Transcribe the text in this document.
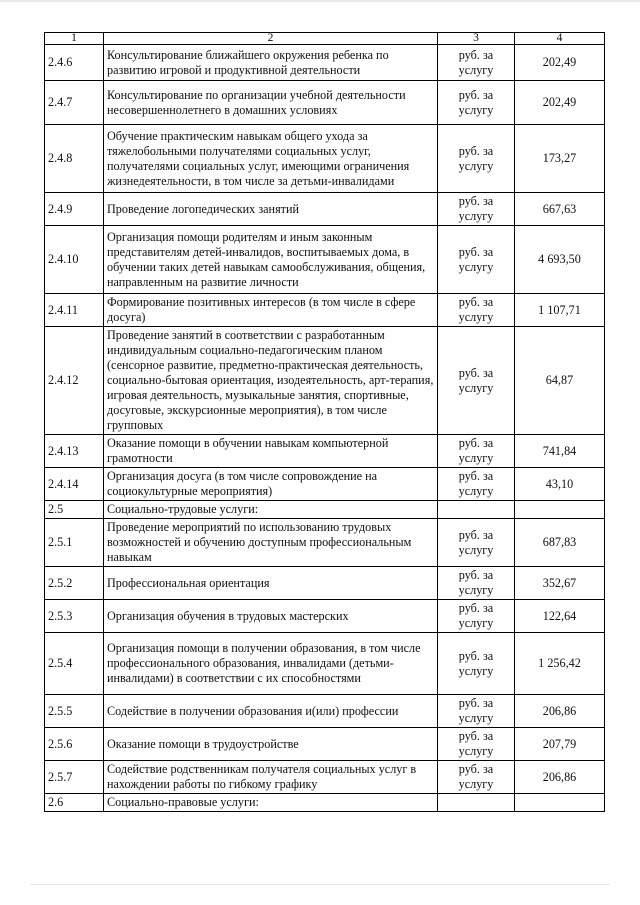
1	2	3	4
2.4.6	Консультирование ближайшего окружения ребенка по развитию игровой и продуктивной деятельности	руб. за услугу	202,49
2.4.7	Консультирование по организации учебной деятельности несовершеннолетнего в домашних условиях	руб. за услугу	202,49
2.4.8	Обучение практическим навыкам общего ухода за тяжелобольными получателями социальных услуг, получателями социальных услуг, имеющими ограничения жизнедеятельности, в том числе за детьми-инвалидами	руб. за услугу	173,27
2.4.9	Проведение логопедических занятий	руб. за услугу	667,63
2.4.10	Организация помощи родителям и иным законным представителям детей-инвалидов, воспитываемых дома, в обучении таких детей навыкам самообслуживания, общения, направленным на развитие личности	руб. за услугу	4 693,50
2.4.11	Формирование позитивных интересов (в том числе в сфере досуга)	руб. за услугу	1 107,71
2.4.12	Проведение занятий в соответствии с разработанным индивидуальным социально-педагогическим планом (сенсорное развитие, предметно-практическая деятельность, социально-бытовая ориентация, изодеятельность, арт-терапия, игровая деятельность, музыкальные занятия, спортивные, досуговые, экскурсионные мероприятия), в том числе групповых	руб. за услугу	64,87
2.4.13	Оказание помощи в обучении навыкам компьютерной грамотности	руб. за услугу	741,84
2.4.14	Организация досуга (в том числе сопровождение на социокультурные мероприятия)	руб. за услугу	43,10
2.5	Социально-трудовые услуги:		
2.5.1	Проведение мероприятий по использованию трудовых возможностей и обучению доступным профессиональным навыкам	руб. за услугу	687,83
2.5.2	Профессиональная ориентация	руб. за услугу	352,67
2.5.3	Организация обучения в трудовых мастерских	руб. за услугу	122,64
2.5.4	Организация помощи в получении образования, в том числе профессионального образования, инвалидами (детьми-инвалидами) в соответствии с их способностями	руб. за услугу	1 256,42
2.5.5	Содействие в получении образования и(или) профессии	руб. за услугу	206,86
2.5.6	Оказание помощи в трудоустройстве	руб. за услугу	207,79
2.5.7	Содействие родственникам получателя социальных услуг в нахождении работы по гибкому графику	руб. за услугу	206,86
2.6	Социально-правовые услуги:		
